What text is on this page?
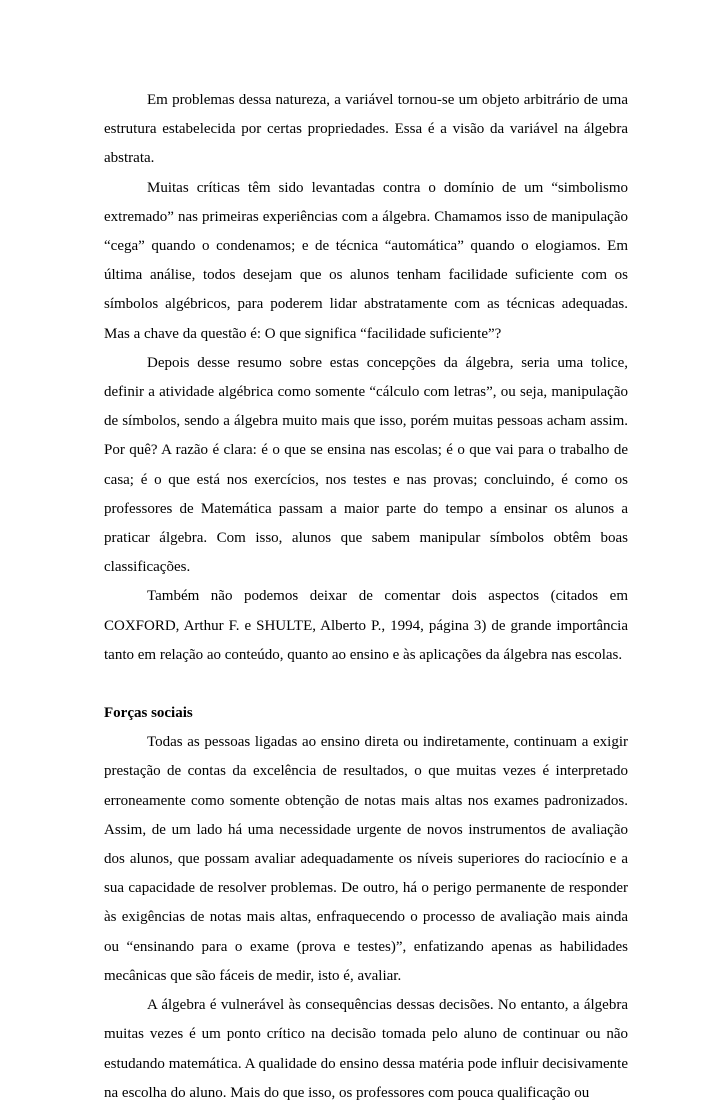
Em problemas dessa natureza, a variável tornou-se um objeto arbitrário de uma estrutura estabelecida por certas propriedades. Essa é a visão da variável na álgebra abstrata.

Muitas críticas têm sido levantadas contra o domínio de um “simbolismo extremado” nas primeiras experiências com a álgebra. Chamamos isso de manipulação “cega” quando o condenamos; e de técnica “automática” quando o elogiamos. Em última análise, todos desejam que os alunos tenham facilidade suficiente com os símbolos algébricos, para poderem lidar abstratamente com as técnicas adequadas. Mas a chave da questão é: O que significa “facilidade suficiente”?

Depois desse resumo sobre estas concepções da álgebra, seria uma tolice, definir a atividade algébrica como somente “cálculo com letras”, ou seja, manipulação de símbolos, sendo a álgebra muito mais que isso, porém muitas pessoas acham assim. Por quê? A razão é clara: é o que se ensina nas escolas; é o que vai para o trabalho de casa; é o que está nos exercícios, nos testes e nas provas; concluindo, é como os professores de Matemática passam a maior parte do tempo a ensinar os alunos a praticar álgebra. Com isso, alunos que sabem manipular símbolos obtêm boas classificações.

Também não podemos deixar de comentar dois aspectos (citados em COXFORD, Arthur F. e SHULTE, Alberto P., 1994, página 3) de grande importância tanto em relação ao conteúdo, quanto ao ensino e às aplicações da álgebra nas escolas.

Forças sociais

Todas as pessoas ligadas ao ensino direta ou indiretamente, continuam a exigir prestação de contas da excelência de resultados, o que muitas vezes é interpretado erroneamente como somente obtenção de notas mais altas nos exames padronizados. Assim, de um lado há uma necessidade urgente de novos instrumentos de avaliação dos alunos, que possam avaliar adequadamente os níveis superiores do raciocínio e a sua capacidade de resolver problemas. De outro, há o perigo permanente de responder às exigências de notas mais altas, enfraquecendo o processo de avaliação mais ainda ou “ensinando para o exame (prova e testes)”, enfatizando apenas as habilidades mecânicas que são fáceis de medir, isto é, avaliar.

A álgebra é vulnerável às consequências dessas decisões. No entanto, a álgebra muitas vezes é um ponto crítico na decisão tomada pelo aluno de continuar ou não estudando matemática. A qualidade do ensino dessa matéria pode influir decisivamente na escolha do aluno. Mais do que isso, os professores com pouca qualificação ou
